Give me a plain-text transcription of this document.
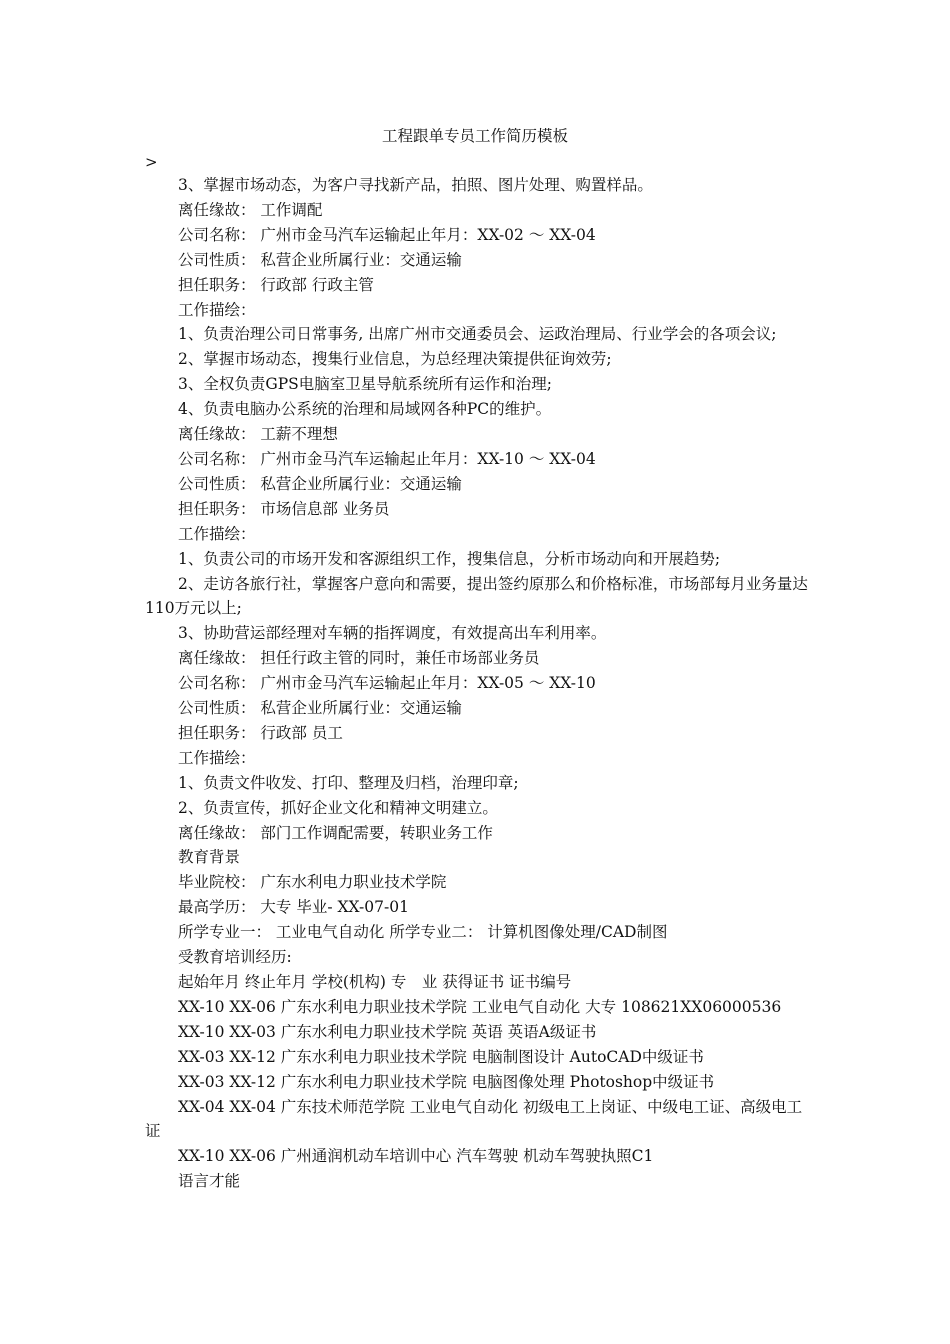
工程跟单专员工作简历模板
>

3、掌握市场动态，为客户寻找新产品，拍照、图片处理、购置样品。

离任缘故： 工作调配

公司名称： 广州市金马汽车运输起止年月：XX-02 ～ XX-04

公司性质： 私营企业所属行业：交通运输

担任职务： 行政部 行政主管

工作描绘：

1、负责治理公司日常事务, 出席广州市交通委员会、运政治理局、行业学会的各项会议;

2、掌握市场动态，搜集行业信息，为总经理决策提供征询效劳;

3、全权负责GPS电脑室卫星导航系统所有运作和治理;

4、负责电脑办公系统的治理和局域网各种PC的维护。

离任缘故： 工薪不理想

公司名称： 广州市金马汽车运输起止年月：XX-10 ～ XX-04

公司性质： 私营企业所属行业：交通运输

担任职务： 市场信息部 业务员

工作描绘：

1、负责公司的市场开发和客源组织工作，搜集信息，分析市场动向和开展趋势;

2、走访各旅行社，掌握客户意向和需要，提出签约原那么和价格标准，市场部每月业务量达110万元以上;

3、协助营运部经理对车辆的指挥调度，有效提高出车利用率。

离任缘故： 担任行政主管的同时，兼任市场部业务员

公司名称： 广州市金马汽车运输起止年月：XX-05 ～ XX-10

公司性质： 私营企业所属行业：交通运输

担任职务： 行政部 员工

工作描绘：

1、负责文件收发、打印、整理及归档，治理印章;

2、负责宣传，抓好企业文化和精神文明建立。

离任缘故： 部门工作调配需要，转职业务工作

教育背景

毕业院校： 广东水利电力职业技术学院

最高学历： 大专 毕业- XX-07-01

所学专业一： 工业电气自动化 所学专业二： 计算机图像处理/CAD制图

受教育培训经历:

起始年月 终止年月 学校(机构) 专　业 获得证书 证书编号

XX-10 XX-06 广东水利电力职业技术学院 工业电气自动化 大专 108621XX06000536

XX-10 XX-03 广东水利电力职业技术学院 英语 英语A级证书

XX-03 XX-12 广东水利电力职业技术学院 电脑制图设计 AutoCAD中级证书

XX-03 XX-12 广东水利电力职业技术学院 电脑图像处理 Photoshop中级证书

XX-04 XX-04 广东技术师范学院 工业电气自动化 初级电工上岗证、中级电工证、高级电工证

XX-10 XX-06 广州通润机动车培训中心 汽车驾驶 机动车驾驶执照C1

语言才能
